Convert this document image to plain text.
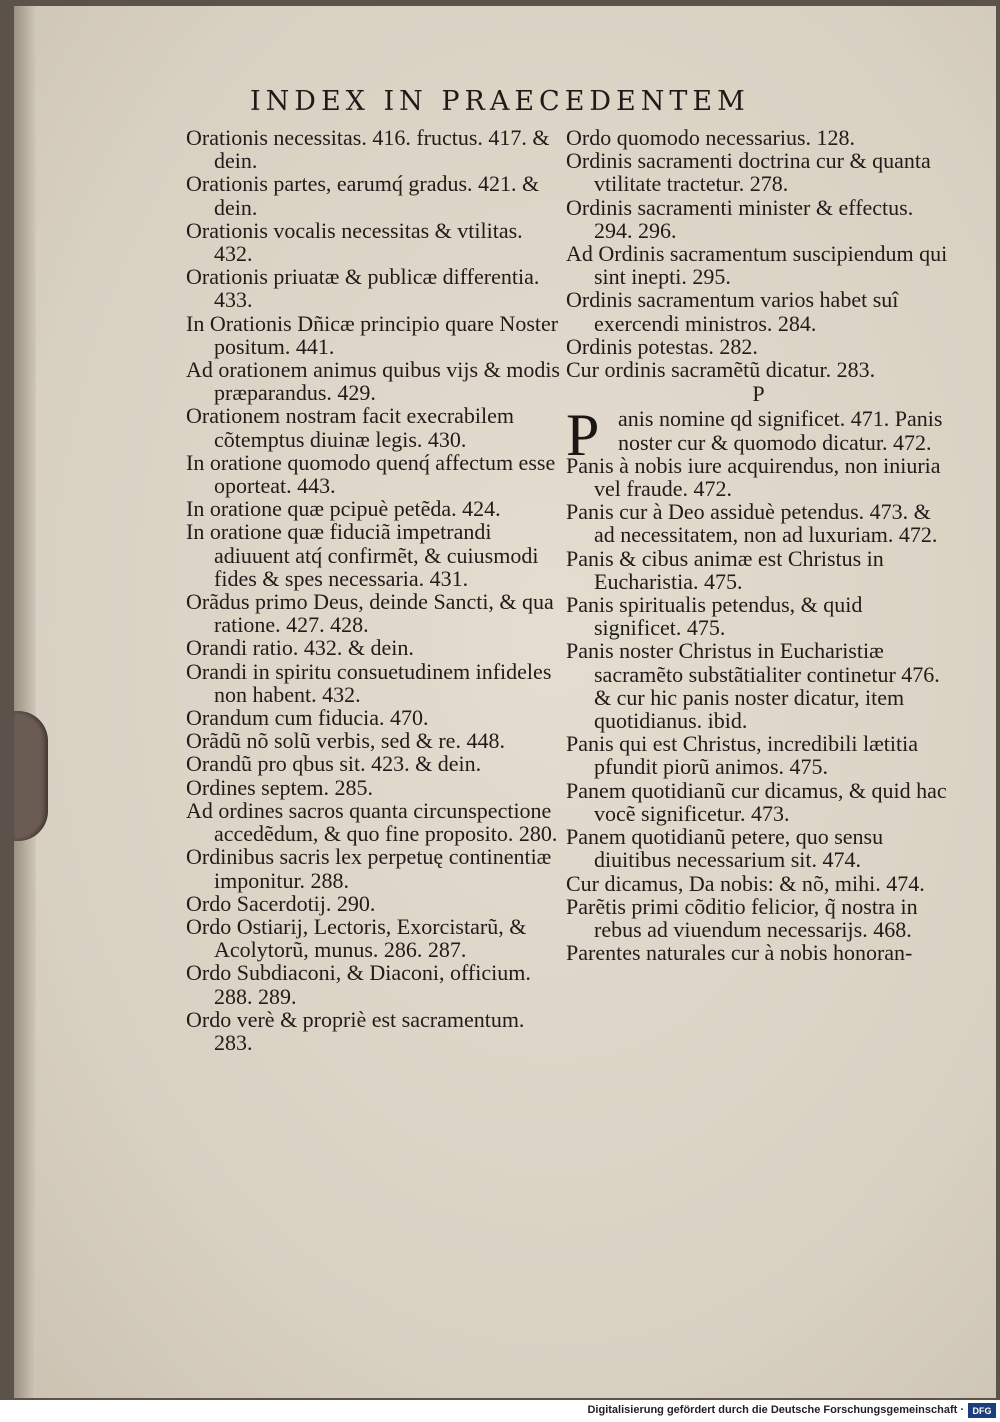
INDEX IN PRAECEDENTEM
Orationis necessitas. 416. fructus. 417. & dein.
Orationis partes, earumq́ gradus. 421. & dein.
Orationis vocalis necessitas & vtilitas. 432.
Orationis priuatæ & publicæ differentia. 433.
In Orationis Dñicæ principio quare Noster positum. 441.
Ad orationem animus quibus vijs & modis præparandus. 429.
Orationem nostram facit execrabilem cõtemptus diuinæ legis. 430.
In oratione quomodo quenq́ affectum esse oporteat. 443.
In oratione quæ pcipuè petẽda. 424.
In oratione quæ fiduciã impetrandi adiuuent atq́ confirmẽt, & cuiusmodi fides & spes necessaria. 431.
Orãdus primo Deus, deinde Sancti, & qua ratione. 427. 428.
Orandi ratio. 432. & dein.
Orandi in spiritu consuetudinem infideles non habent. 432.
Orandum cum fiducia. 470.
Orãdũ nõ solũ verbis, sed & re. 448.
Orandũ pro qbus sit. 423. & dein.
Ordines septem. 285.
Ad ordines sacros quanta circunspectione accedẽdum, & quo fine proposito. 280.
Ordinibus sacris lex perpetuę continentiæ imponitur. 288.
Ordo Sacerdotij. 290.
Ordo Ostiarij, Lectoris, Exorcistarũ, & Acolytorũ, munus. 286. 287.
Ordo Subdiaconi, & Diaconi, officium. 288. 289.
Ordo verè & propriè est sacramentum. 283.
Ordo quomodo necessarius. 128.
Ordinis sacramenti doctrina cur & quanta vtilitate tractetur. 278.
Ordinis sacramenti minister & effectus. 294. 296.
Ad Ordinis sacramentum suscipiendum qui sint inepti. 295.
Ordinis sacramentum varios habet suî exercendi ministros. 284.
Ordinis potestas. 282.
Cur ordinis sacramẽtũ dicatur. 283.
P
P anis nomine qd significet. 471. Panis noster cur & quomodo dicatur. 472.
Panis à nobis iure acquirendus, non iniuria vel fraude. 472.
Panis cur à Deo assiduè petendus. 473. & ad necessitatem, non ad luxuriam. 472.
Panis & cibus animæ est Christus in Eucharistia. 475.
Panis spiritualis petendus, & quid significet. 475.
Panis noster Christus in Eucharistiæ sacramẽto substãtialiter continetur 476. & cur hic panis noster dicatur, item quotidianus. ibid.
Panis qui est Christus, incredibili lætitia pfundit piorũ animos. 475.
Panem quotidianũ cur dicamus, & quid hac vocẽ significetur. 473.
Panem quotidianũ petere, quo sensu diuitibus necessarium sit. 474.
Cur dicamus, Da nobis: & nõ, mihi. 474.
Parẽtis primi cõditio felicior, q̃ nostra in rebus ad viuendum necessarijs. 468.
Parentes naturales cur à nobis honoran-
Digitalisierung gefördert durch die Deutsche Forschungsgemeinschaft · DFG
